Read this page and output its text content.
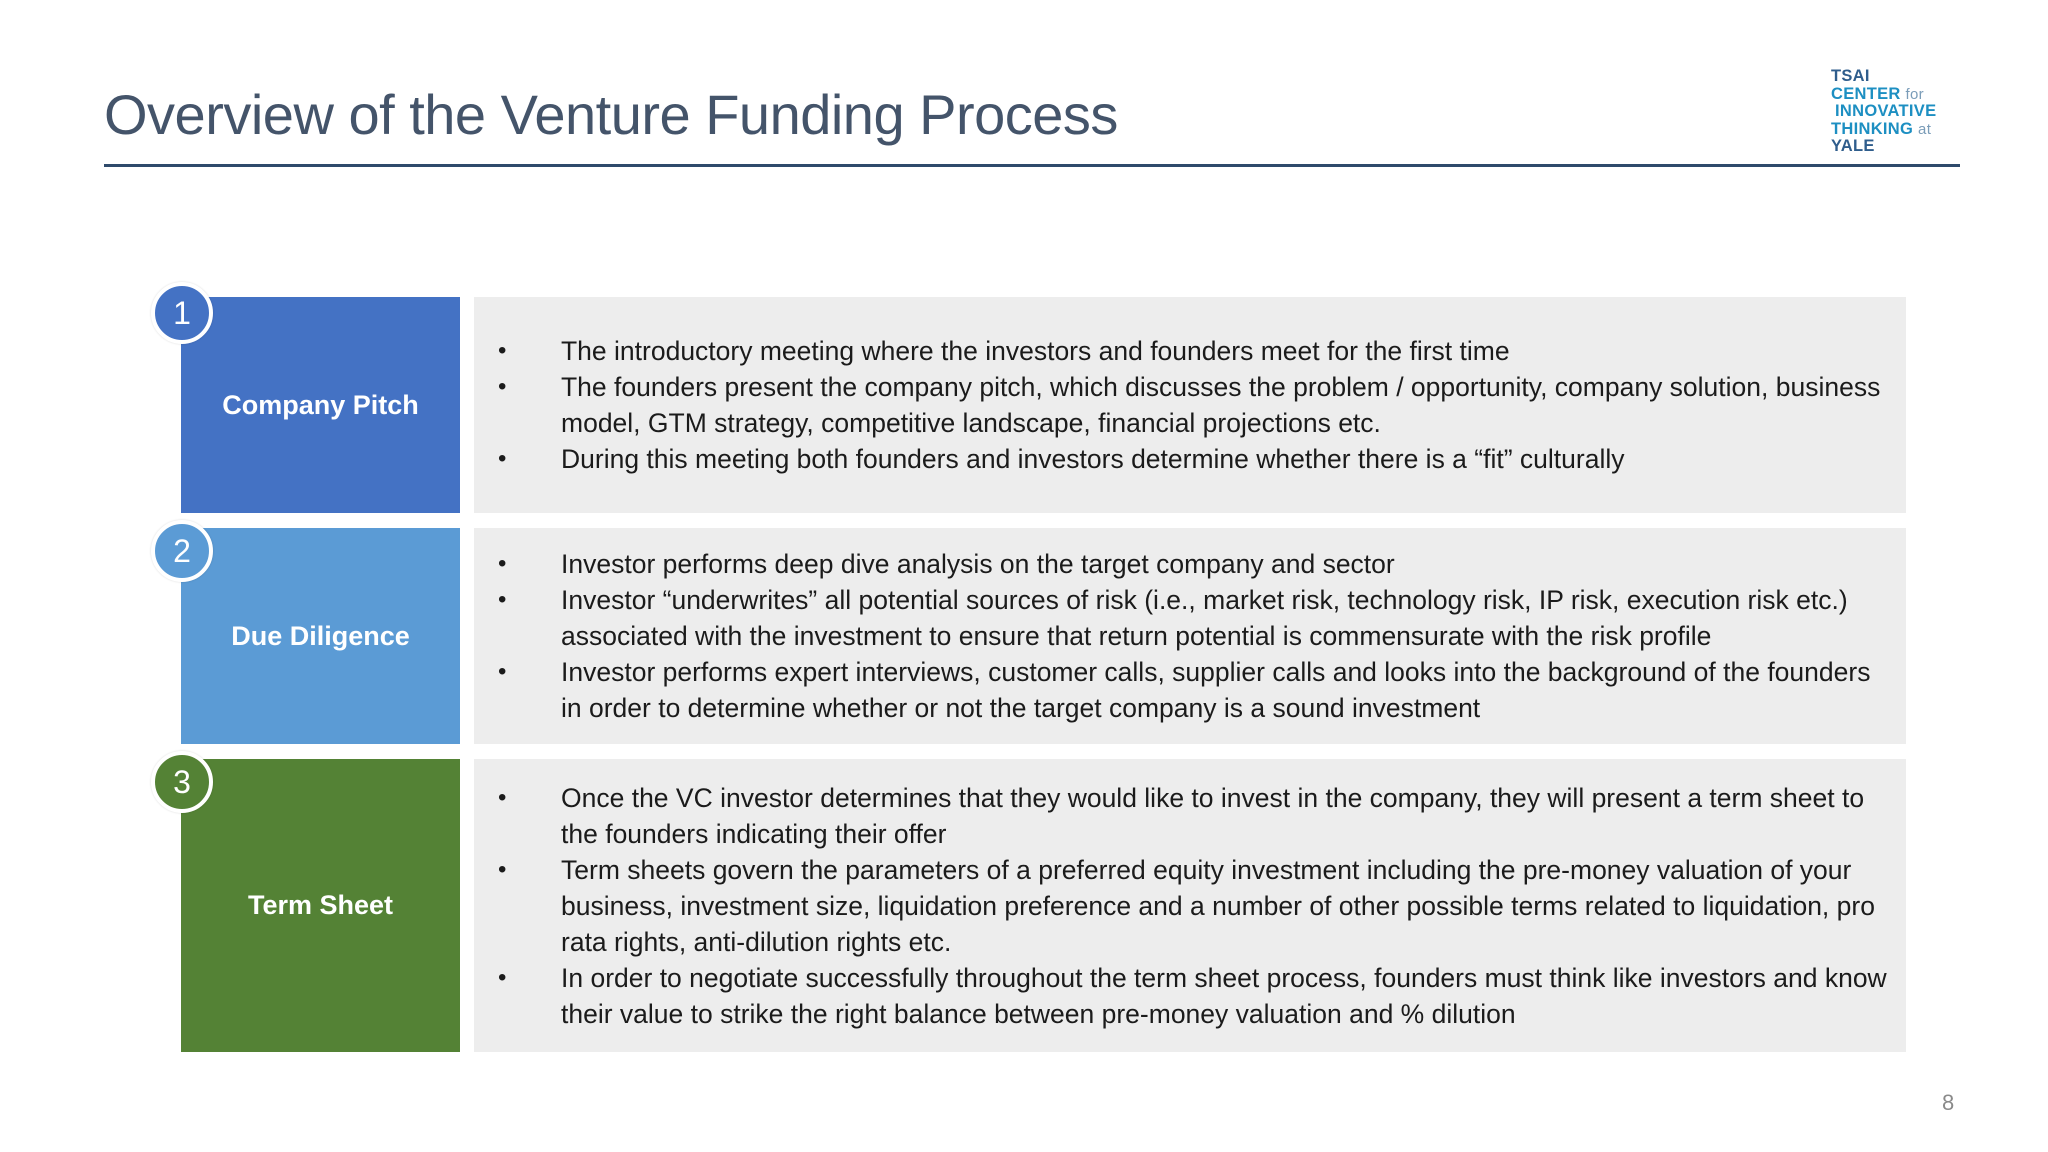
Overview of the Venture Funding Process
TSAI
CENTER for
INNOVATIVE
THINKING at
YALE
Company Pitch
• The introductory meeting where the investors and founders meet for the first time
• The founders present the company pitch, which discusses the problem / opportunity, company solution, business model, GTM strategy, competitive landscape, financial projections etc.
• During this meeting both founders and investors determine whether there is a “fit” culturally
1
Due Diligence
• Investor performs deep dive analysis on the target company and sector
• Investor “underwrites” all potential sources of risk (i.e., market risk, technology risk, IP risk, execution risk etc.) associated with the investment to ensure that return potential is commensurate with the risk profile
• Investor performs expert interviews, customer calls, supplier calls and looks into the background of the founders in order to determine whether or not the target company is a sound investment
2
Term Sheet
• Once the VC investor determines that they would like to invest in the company, they will present a term sheet to the founders indicating their offer
• Term sheets govern the parameters of a preferred equity investment including the pre-money valuation of your business, investment size, liquidation preference and a number of other possible terms related to liquidation, pro rata rights, anti-dilution rights etc.
• In order to negotiate successfully throughout the term sheet process, founders must think like investors and know their value to strike the right balance between pre-money valuation and % dilution
3
8
